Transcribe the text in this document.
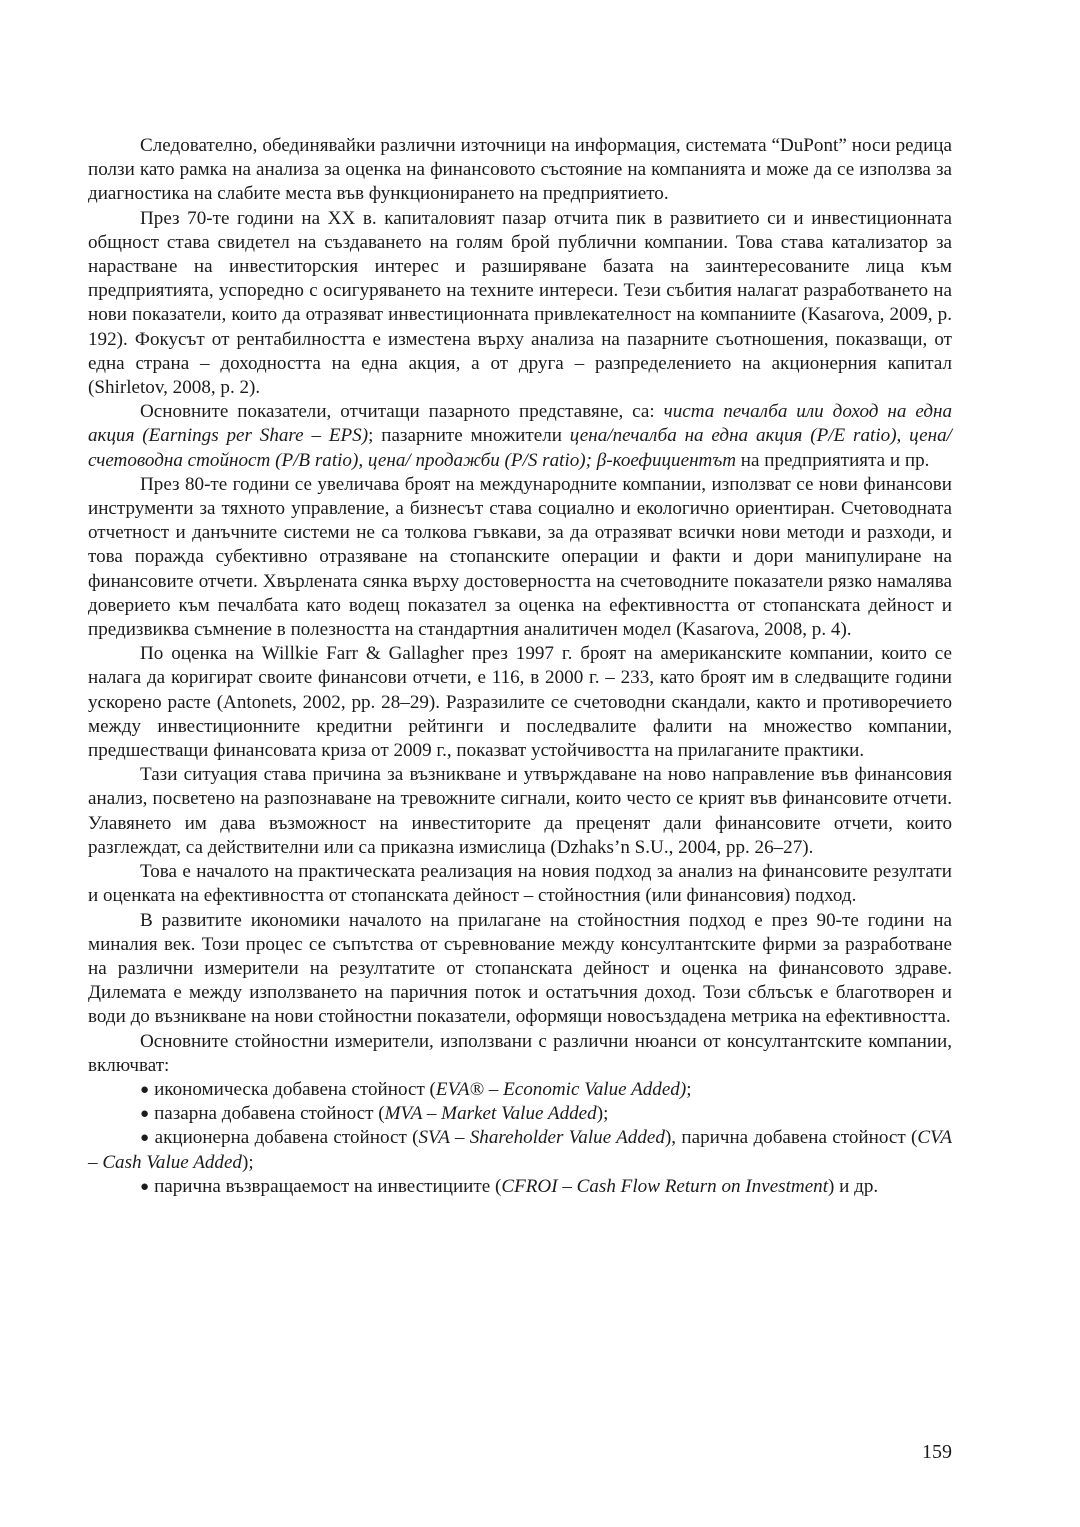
Следователно, обединявайки различни източници на информация, системата “DuPont” носи редица ползи като рамка на анализа за оценка на финансовото състояние на компанията и може да се използва за диагностика на слабите места във функционирането на предприятието.

През 70-те години на XX в. капиталовият пазар отчита пик в развитието си и инвестиционната общност става свидетел на създаването на голям брой публични компании. Това става катализатор за нарастване на инвеститорския интерес и разширяване базата на заинтересованите лица към предприятията, успоредно с осигуряването на техните интереси. Тези събития налагат разработването на нови показатели, които да отразяват инвестиционната привлекателност на компаниите (Kasarova, 2009, p. 192). Фокусът от рентабилността е изместена върху анализа на пазарните съотношения, показващи, от една страна – доходността на една акция, а от друга – разпределението на акционерния капитал (Shirletov, 2008, p. 2).

Основните показатели, отчитащи пазарното представяне, са: чиста печалба или доход на една акция (Earnings per Share – EPS); пазарните множители цена/печалба на една акция (P/E ratio), цена/ счетоводна стойност (P/B ratio), цена/ продажби (P/S ratio); β-коефициентът на предприятията и пр.

През 80-те години се увеличава броят на международните компании, използват се нови финансови инструменти за тяхното управление, а бизнесът става социално и екологично ориентиран. Счетоводната отчетност и данъчните системи не са толкова гъвкави, за да отразяват всички нови методи и разходи, и това поражда субективно отразяване на стопанските операции и факти и дори манипулиране на финансовите отчети. Хвърлената сянка върху достоверността на счетоводните показатели рязко намалява доверието към печалбата като водещ показател за оценка на ефективността от стопанската дейност и предизвиква съмнение в полезността на стандартния аналитичен модел (Kasarova, 2008, p. 4).

По оценка на Willkie Farr & Gallagher през 1997 г. броят на американските компании, които се налага да коригират своите финансови отчети, е 116, в 2000 г. – 233, като броят им в следващите години ускорено расте (Antonets, 2002, pp. 28–29). Разразилите се счетоводни скандали, както и противоречието между инвестиционните кредитни рейтинги и последвалите фалити на множество компании, предшестващи финансовата криза от 2009 г., показват устойчивостта на прилаганите практики.

Тази ситуация става причина за възникване и утвърждаване на ново направление във финансовия анализ, посветено на разпознаване на тревожните сигнали, които често се крият във финансовите отчети. Улавянето им дава възможност на инвеститорите да преценят дали финансовите отчети, които разглеждат, са действителни или са приказна измислица (Dzhaks’n S.U., 2004, pp. 26–27).

Това е началото на практическата реализация на новия подход за анализ на финансовите резултати и оценката на ефективността от стопанската дейност – стойностния (или финансовия) подход.

В развитите икономики началото на прилагане на стойностния подход е през 90-те години на миналия век. Този процес се съпътства от съревнование между консултантските фирми за разработване на различни измерители на резултатите от стопанската дейност и оценка на финансовото здраве. Дилемата е между използването на паричния поток и остатъчния доход. Този сблъсък е благотворен и води до възникване на нови стойностни показатели, оформящи новосъздадена метрика на ефективността.

Основните стойностни измерители, използвани с различни нюанси от консултантските компании, включват:

● икономическа добавена стойност (EVA® – Economic Value Added);

● пазарна добавена стойност (MVA – Market Value Added);

● акционерна добавена стойност (SVA – Shareholder Value Added), парична добавена стойност (CVA – Cash Value Added);

● парична възвращаемост на инвестициите (CFROI – Cash Flow Return on Investment) и др.

159
